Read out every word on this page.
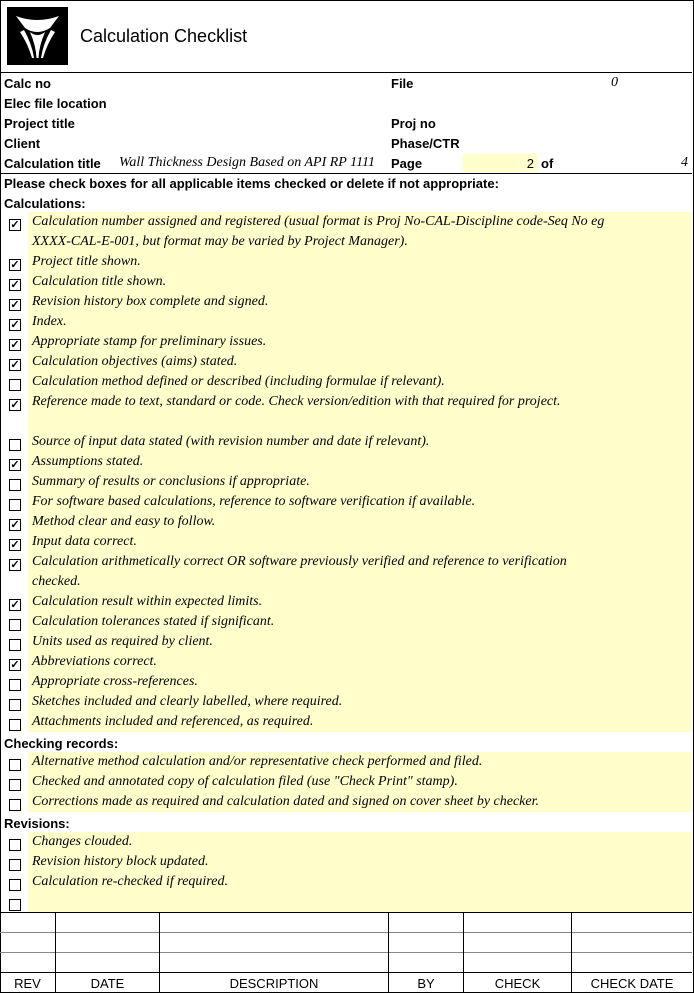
Calculation Checklist
Calc no	File	0
Elec file location
Project title	Proj no
Client	Phase/CTR
Calculation title Wall Thickness Design Based on API RP 1111	Page	2 of	4
Please check boxes for all applicable items checked or delete if not appropriate:
Calculations:
Checking records:
Revisions:
✓ Calculation number assigned and registered (usual format is Proj No-CAL-Discipline code-Seq No eg
XXXX-CAL-E-001, but format may be varied by Project Manager).
✓ Project title shown.
✓ Calculation title shown.
✓ Revision history box complete and signed.
✓ Index.
✓ Appropriate stamp for preliminary issues.
✓ Calculation objectives (aims) stated.
Calculation method defined or described (including formulae if relevant).
✓ Reference made to text, standard or code. Check version/edition with that required for project.
Source of input data stated (with revision number and date if relevant).
✓ Assumptions stated.
Summary of results or conclusions if appropriate.
For software based calculations, reference to software verification if available.
✓ Method clear and easy to follow.
✓ Input data correct.
✓ Calculation arithmetically correct OR software previously verified and reference to verification
checked.
✓ Calculation result within expected limits.
Calculation tolerances stated if significant.
Units used as required by client.
✓ Abbreviations correct.
Appropriate cross-references.
Sketches included and clearly labelled, where required.
Attachments included and referenced, as required.
Alternative method calculation and/or representative check performed and filed.
Checked and annotated copy of calculation filed (use "Check Print" stamp).
Corrections made as required and calculation dated and signed on cover sheet by checker.
Changes clouded.
Revision history block updated.
Calculation re-checked if required.
REV	DATE	DESCRIPTION	BY	CHECK	CHECK DATE
